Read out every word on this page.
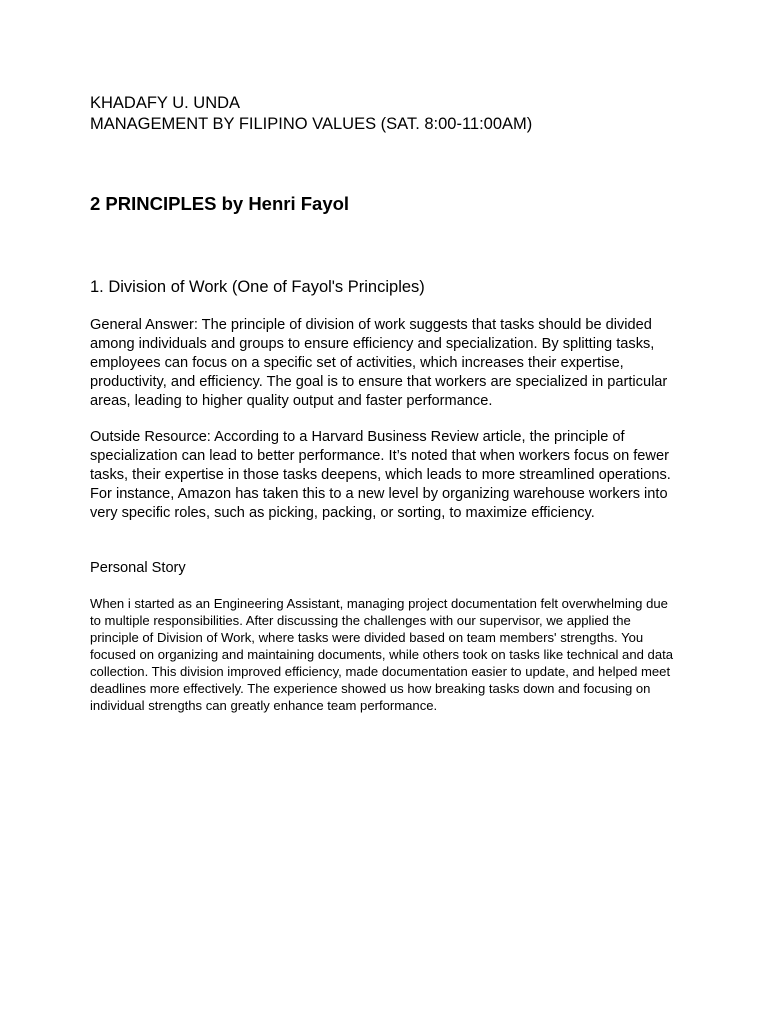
KHADAFY U. UNDA

MANAGEMENT BY FILIPINO VALUES (SAT. 8:00-11:00AM)

2 PRINCIPLES by Henri Fayol

1. Division of Work (One of Fayol's Principles)

General Answer: The principle of division of work suggests that tasks should be divided among individuals and groups to ensure efficiency and specialization. By splitting tasks, employees can focus on a specific set of activities, which increases their expertise, productivity, and efficiency. The goal is to ensure that workers are specialized in particular areas, leading to higher quality output and faster performance.

Outside Resource: According to a Harvard Business Review article, the principle of specialization can lead to better performance. It’s noted that when workers focus on fewer tasks, their expertise in those tasks deepens, which leads to more streamlined operations. For instance, Amazon has taken this to a new level by organizing warehouse workers into very specific roles, such as picking, packing, or sorting, to maximize efficiency.

Personal Story

When i started as an Engineering Assistant, managing project documentation felt overwhelming due to multiple responsibilities. After discussing the challenges with our supervisor, we applied the principle of Division of Work, where tasks were divided based on team members' strengths. You focused on organizing and maintaining documents, while others took on tasks like technical and data collection. This division improved efficiency, made documentation easier to update, and helped meet deadlines more effectively. The experience showed us how breaking tasks down and focusing on individual strengths can greatly enhance team performance.
